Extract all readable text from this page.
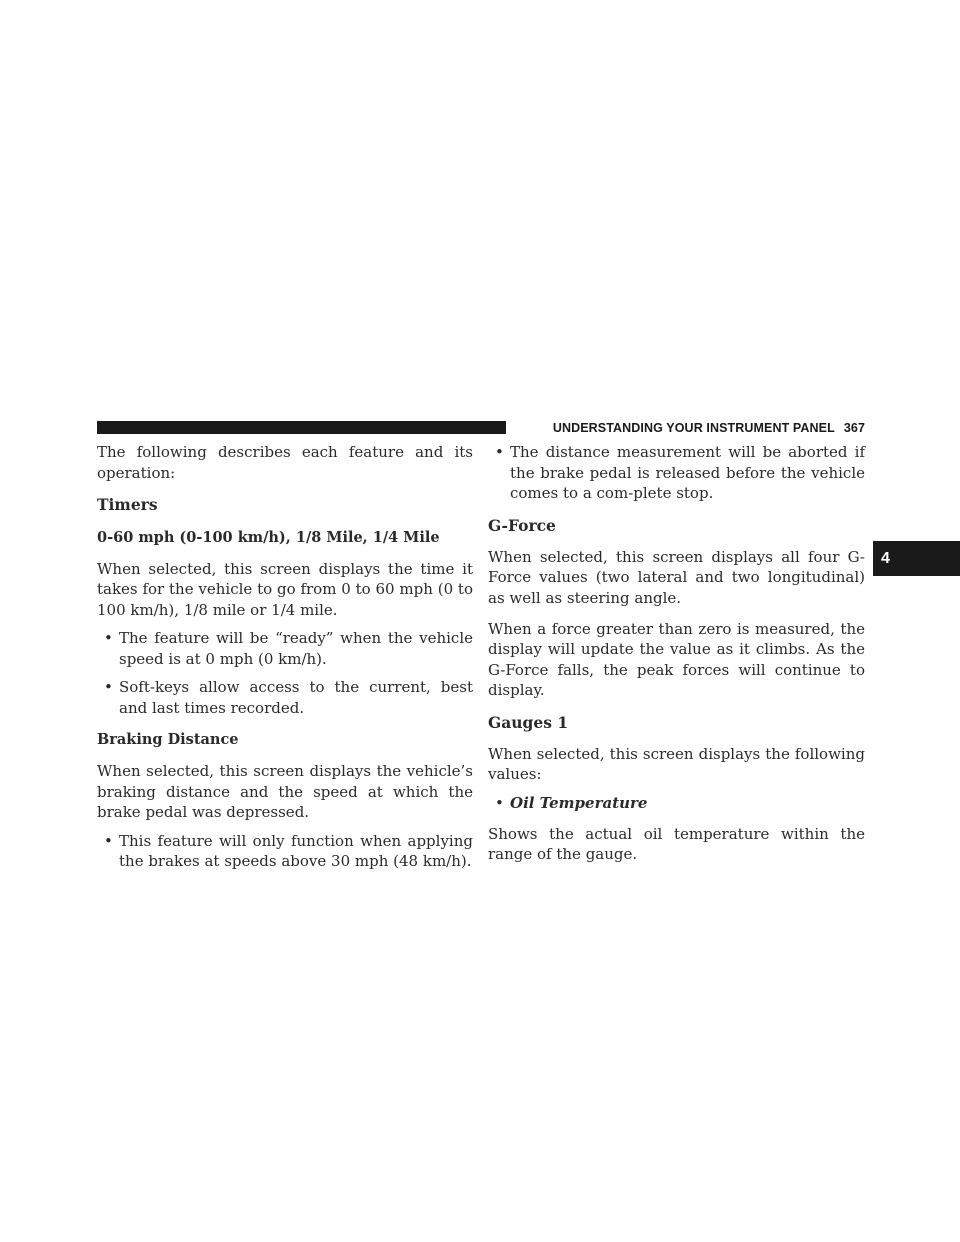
UNDERSTANDING YOUR INSTRUMENT PANEL 367
4

The following describes each feature and its operation:

Timers

0-60 mph (0-100 km/h), 1/8 Mile, 1/4 Mile

When selected, this screen displays the time it takes for the vehicle to go from 0 to 60 mph (0 to 100 km/h), 1/8 mile or 1/4 mile.

• The feature will be “ready” when the vehicle speed is at 0 mph (0 km/h).
• Soft-keys allow access to the current, best and last times recorded.

Braking Distance

When selected, this screen displays the vehicle’s braking distance and the speed at which the brake pedal was depressed.

• This feature will only function when applying the brakes at speeds above 30 mph (48 km/h).
• The distance measurement will be aborted if the brake pedal is released before the vehicle comes to a com-plete stop.

G-Force

When selected, this screen displays all four G-Force values (two lateral and two longitudinal) as well as steering angle.

When a force greater than zero is measured, the display will update the value as it climbs. As the G-Force falls, the peak forces will continue to display.

Gauges 1

When selected, this screen displays the following values:

• Oil Temperature

Shows the actual oil temperature within the range of the gauge.
